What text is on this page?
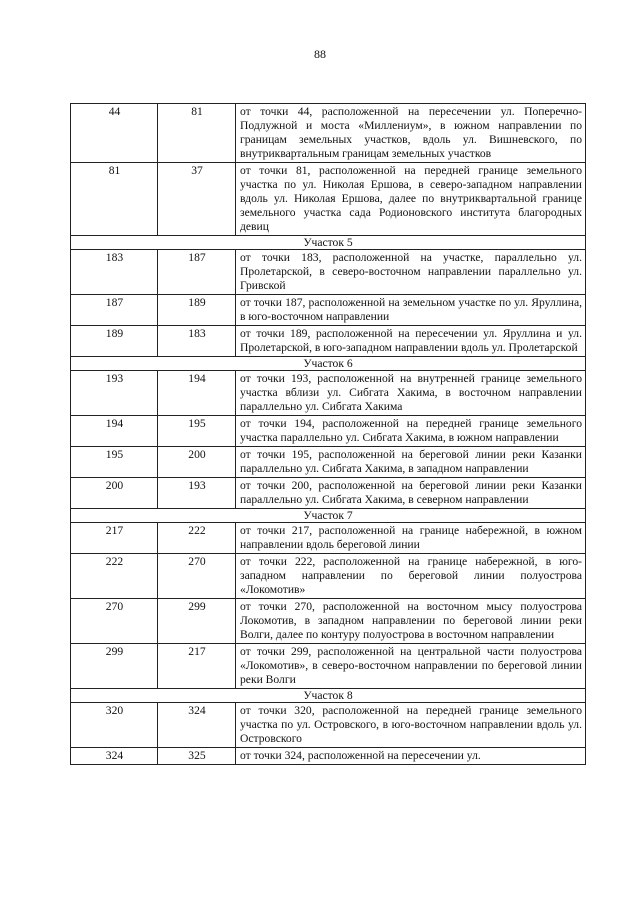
88
44	81	от точки 44, расположенной на пересечении ул. Поперечно-Подлужной и моста «Миллениум», в южном направлении по границам земельных участков, вдоль ул. Вишневского, по внутриквартальным границам земельных участков
81	37	от точки 81, расположенной на передней границе земельного участка по ул. Николая Ершова, в северо-западном направлении вдоль ул. Николая Ершова, далее по внутриквартальной границе земельного участка сада Родионовского института благородных девиц
Участок 5		
183	187	от точки 183, расположенной на участке, параллельно ул. Пролетарской, в северо-восточном направлении параллельно ул. Гривской
187	189	от точки 187, расположенной на земельном участке по ул. Яруллина, в юго-восточном направлении
189	183	от точки 189, расположенной на пересечении ул. Яруллина и ул. Пролетарской, в юго-западном направлении вдоль ул. Пролетарской
Участок 6		
193	194	от точки 193, расположенной на внутренней границе земельного участка вблизи ул. Сибгата Хакима, в восточном направлении параллельно ул. Сибгата Хакима
194	195	от точки 194, расположенной на передней границе земельного участка параллельно ул. Сибгата Хакима, в южном направлении
195	200	от точки 195, расположенной на береговой линии реки Казанки параллельно ул. Сибгата Хакима, в западном направлении
200	193	от точки 200, расположенной на береговой линии реки Казанки параллельно ул. Сибгата Хакима, в северном направлении
Участок 7		
217	222	от точки 217, расположенной на границе набережной, в южном направлении вдоль береговой линии
222	270	от точки 222, расположенной на границе набережной, в юго-западном направлении по береговой линии полуострова «Локомотив»
270	299	от точки 270, расположенной на восточном мысу полуострова Локомотив, в западном направлении по береговой линии реки Волги, далее по контуру полуострова в восточном направлении
299	217	от точки 299, расположенной на центральной части полуострова «Локомотив», в северо-восточном направлении по береговой линии реки Волги
Участок 8		
320	324	от точки 320, расположенной на передней границе земельного участка по ул. Островского, в юго-восточном направлении вдоль ул. Островского
324	325	от точки 324, расположенной на пересечении ул.
